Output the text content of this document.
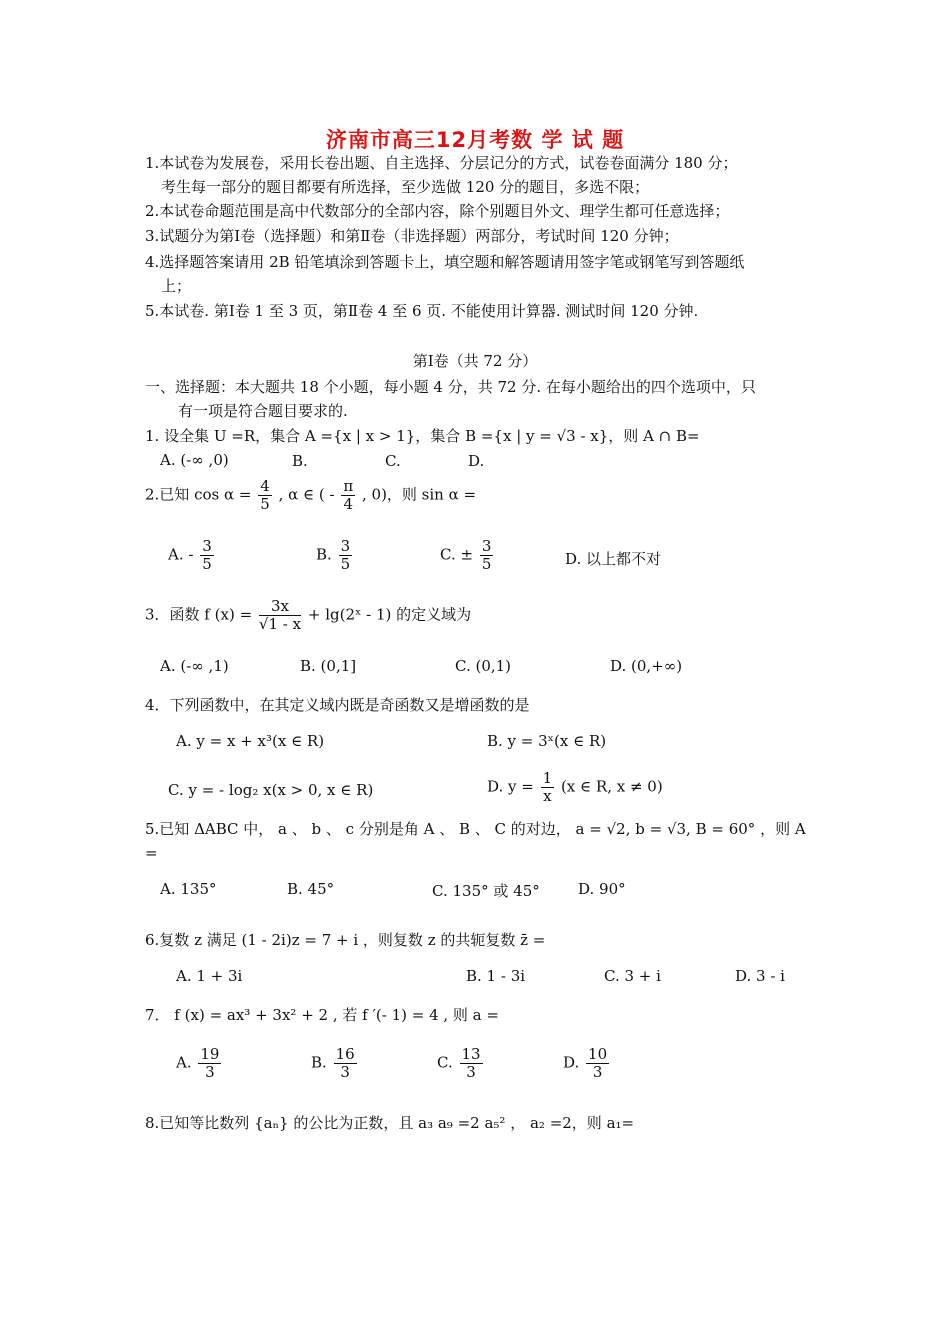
济南市高三12月考数 学 试 题
1.本试卷为发展卷，采用长卷出题、自主选择、分层记分的方式，试卷卷面满分 180 分；
考生每一部分的题目都要有所选择，至少选做 120 分的题目，多选不限；
2.本试卷命题范围是高中代数部分的全部内容，除个别题目外文、理学生都可任意选择；
3.试题分为第Ⅰ卷（选择题）和第Ⅱ卷（非选择题）两部分，考试时间 120 分钟；
4.选择题答案请用 2B 铅笔填涂到答题卡上，填空题和解答题请用签字笔或钢笔写到答题纸
上；
5.本试卷. 第Ⅰ卷 1 至 3 页，第Ⅱ卷 4 至 6 页. 不能使用计算器. 测试时间 120 分钟.
第Ⅰ卷（共 72 分）
一、选择题：本大题共 18 个小题，每小题 4 分，共 72 分. 在每小题给出的四个选项中，只
有一项是符合题目要求的.
1. 设全集 U =R，集合 A ={x | x > 1}，集合 B ={x | y = √3 - x}，则 A ∩ B=
A. (-∞ ,0)	B.	C.	D.
2.已知 $\cos \alpha = \frac{4}{5}$ , α ∈ ( - $\frac{\pi}{4}$ , 0)，则 sin α =
A. - $\frac{3}{5}$	B. $\frac{3}{5}$	C. ± $\frac{3}{5}$	D. 以上都不对
3．函数 f $(x) = \frac{3x}{√1 - x}$ + lg(2ˣ - 1) 的定义域为
A. (-∞ ,1)	B. (0,1]	C. (0,1)	D. (0,+∞)
4．下列函数中，在其定义域内既是奇函数又是增函数的是
A. y = x + x³(x ∈ R)	B. y = 3ˣ(x ∈ R)
C. y = - log₂ x(x > 0, x ∈ R)	D. $y = \frac{1}{x} (x$ ∈ R, x ≠ 0)
5.已知 ΔABC 中， a 、 b 、 c 分别是角 A 、 B 、 C 的对边， a = √2, b = √3, B = 60° ，则 A
=
A. 135°	B. 45°	C. 135° 或 45°	D. 90°
6.复数 z 满足 (1 - 2i)z = 7 + i ，则复数 z 的共轭复数 z̄ =
A. 1 + 3i	B. 1 - 3i	C. 3 + i	D. 3 - i
7． f (x) = ax³ + 3x² + 2 , 若 f ′(- 1) = 4 , 则 a =
A. $\frac{19}{3}$	B. $\frac{16}{3}$	C. $\frac{13}{3}$	D. $\frac{10}{3}$
8.已知等比数列 {aₙ} 的公比为正数，且 a₃ a₉ =2 a₅² ， a₂ =2，则 a₁=
